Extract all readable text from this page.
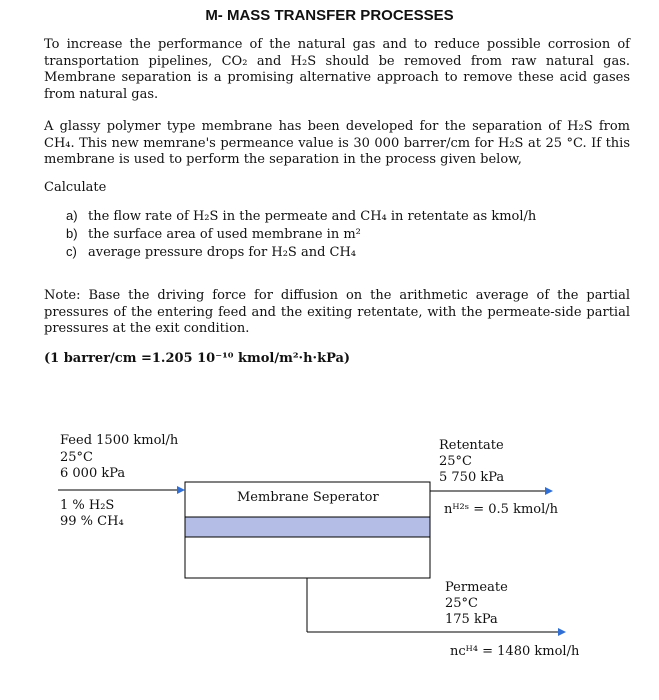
M- MASS TRANSFER PROCESSES

To increase the performance of the natural gas and to reduce possible corrosion of transportation pipelines, CO₂ and H₂S should be removed from raw natural gas. Membrane separation is a promising alternative approach to remove these acid gases from natural gas.

A glassy polymer type membrane has been developed for the separation of H₂S from CH₄. This new memrane's permeance value is 30 000 barrer/cm for H₂S at 25 °C. If this membrane is used to perform the separation in the process given below,

Calculate

a) the flow rate of H₂S in the permeate and CH₄ in retentate as kmol/h
b) the surface area of used membrane in m²
c) average pressure drops for H₂S and CH₄

Note: Base the driving force for diffusion on the arithmetic average of the partial pressures of the entering feed and the exiting retentate, with the permeate-side partial pressures at the exit condition.

(1 barrer/cm =1.205 10⁻¹⁰ kmol/m²·h·kPa)
Feed 1500 kmol/h
25°C
6 000 kPa
1 % H₂S
99 % CH₄
Membrane Seperator
Retentate
25°C
5 750 kPa
nᴴ²ˢ = 0.5 kmol/h
Permeate
25°C
175 kPa
nᴄᴴ⁴ = 1480 kmol/h
